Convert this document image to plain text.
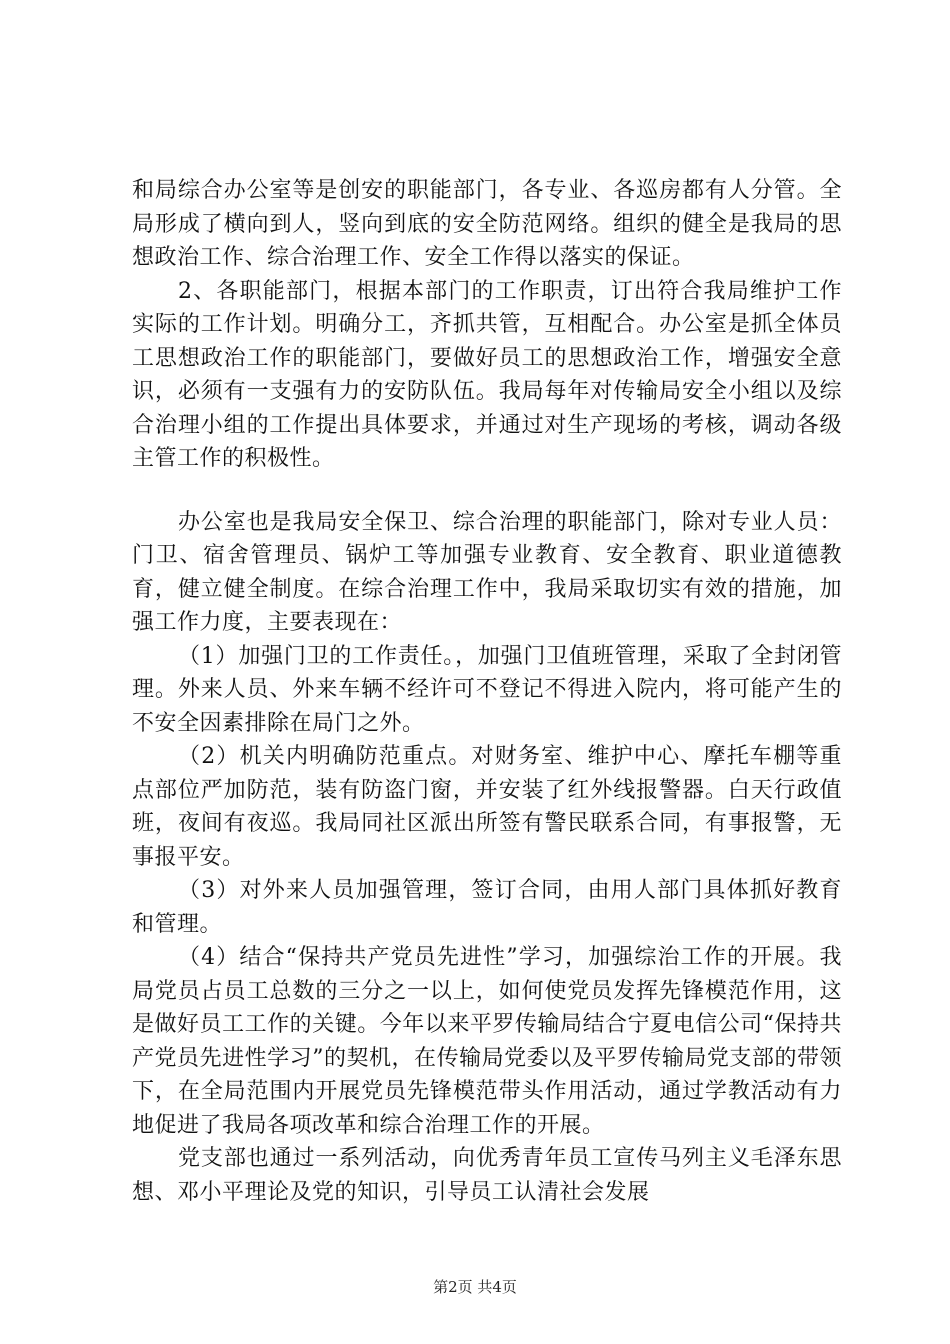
和局综合办公室等是创安的职能部门，各专业、各巡房都有人分管。全局形成了横向到人，竖向到底的安全防范网络。组织的健全是我局的思想政治工作、综合治理工作、安全工作得以落实的保证。

2、各职能部门，根据本部门的工作职责，订出符合我局维护工作实际的工作计划。明确分工，齐抓共管，互相配合。办公室是抓全体员工思想政治工作的职能部门，要做好员工的思想政治工作，增强安全意识，必须有一支强有力的安防队伍。我局每年对传输局安全小组以及综合治理小组的工作提出具体要求，并通过对生产现场的考核，调动各级主管工作的积极性。

办公室也是我局安全保卫、综合治理的职能部门，除对专业人员：门卫、宿舍管理员、锅炉工等加强专业教育、安全教育、职业道德教育，健立健全制度。在综合治理工作中，我局采取切实有效的措施，加强工作力度，主要表现在：

（1）加强门卫的工作责任。，加强门卫值班管理，采取了全封闭管理。外来人员、外来车辆不经许可不登记不得进入院内，将可能产生的不安全因素排除在局门之外。

（2）机关内明确防范重点。对财务室、维护中心、摩托车棚等重点部位严加防范，装有防盗门窗，并安装了红外线报警器。白天行政值班，夜间有夜巡。我局同社区派出所签有警民联系合同，有事报警，无事报平安。

（3）对外来人员加强管理，签订合同，由用人部门具体抓好教育和管理。

（4）结合“保持共产党员先进性”学习，加强综治工作的开展。我局党员占员工总数的三分之一以上，如何使党员发挥先锋模范作用，这是做好员工工作的关键。今年以来平罗传输局结合宁夏电信公司“保持共产党员先进性学习”的契机，在传输局党委以及平罗传输局党支部的带领下，在全局范围内开展党员先锋模范带头作用活动，通过学教活动有力地促进了我局各项改革和综合治理工作的开展。

党支部也通过一系列活动，向优秀青年员工宣传马列主义毛泽东思想、邓小平理论及党的知识，引导员工认清社会发展

第2页 共4页
